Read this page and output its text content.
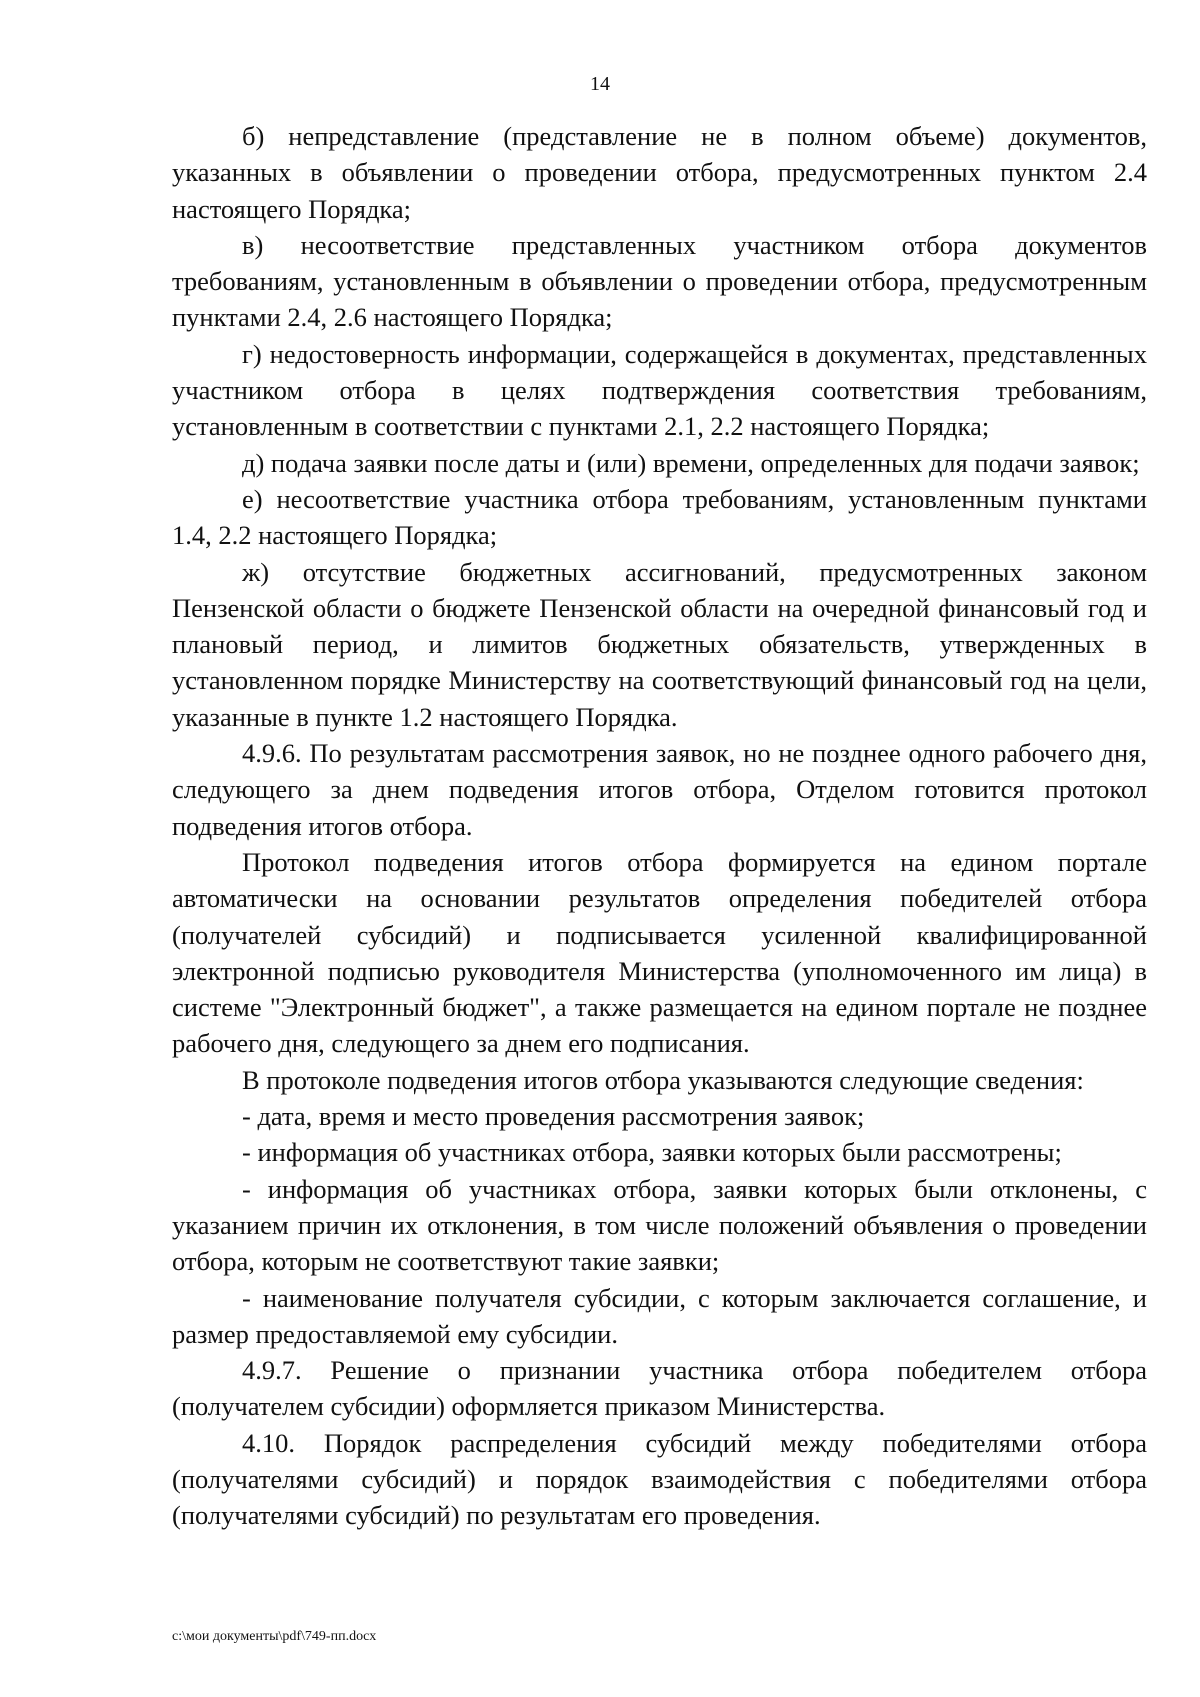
14

б) непредставление (представление не в полном объеме) документов, указанных в объявлении о проведении отбора, предусмотренных пунктом 2.4 настоящего Порядка;

в) несоответствие представленных участником отбора документов требованиям, установленным в объявлении о проведении отбора, предусмотренным пунктами 2.4, 2.6 настоящего Порядка;

г) недостоверность информации, содержащейся в документах, представленных участником отбора в целях подтверждения соответствия требованиям, установленным в соответствии с пунктами 2.1, 2.2 настоящего Порядка;

д) подача заявки после даты и (или) времени, определенных для подачи заявок;

е) несоответствие участника отбора требованиям, установленным пунктами 1.4, 2.2 настоящего Порядка;

ж) отсутствие бюджетных ассигнований, предусмотренных законом Пензенской области о бюджете Пензенской области на очередной финансовый год и плановый период, и лимитов бюджетных обязательств, утвержденных в установленном порядке Министерству на соответствующий финансовый год на цели, указанные в пункте 1.2 настоящего Порядка.

4.9.6. По результатам рассмотрения заявок, но не позднее одного рабочего дня, следующего за днем подведения итогов отбора, Отделом готовится протокол подведения итогов отбора.

Протокол подведения итогов отбора формируется на едином портале автоматически на основании результатов определения победителей отбора (получателей субсидий) и подписывается усиленной квалифицированной электронной подписью руководителя Министерства (уполномоченного им лица) в системе "Электронный бюджет", а также размещается на едином портале не позднее рабочего дня, следующего за днем его подписания.

В протоколе подведения итогов отбора указываются следующие сведения:

- дата, время и место проведения рассмотрения заявок;

- информация об участниках отбора, заявки которых были рассмотрены;

- информация об участниках отбора, заявки которых были отклонены, с указанием причин их отклонения, в том числе положений объявления о проведении отбора, которым не соответствуют такие заявки;

- наименование получателя субсидии, с которым заключается соглашение, и размер предоставляемой ему субсидии.

4.9.7. Решение о признании участника отбора победителем отбора (получателем субсидии) оформляется приказом Министерства.

4.10. Порядок распределения субсидий между победителями отбора (получателями субсидий) и порядок взаимодействия с победителями отбора (получателями субсидий) по результатам его проведения.

c:\мои документы\pdf\749-пп.docx
